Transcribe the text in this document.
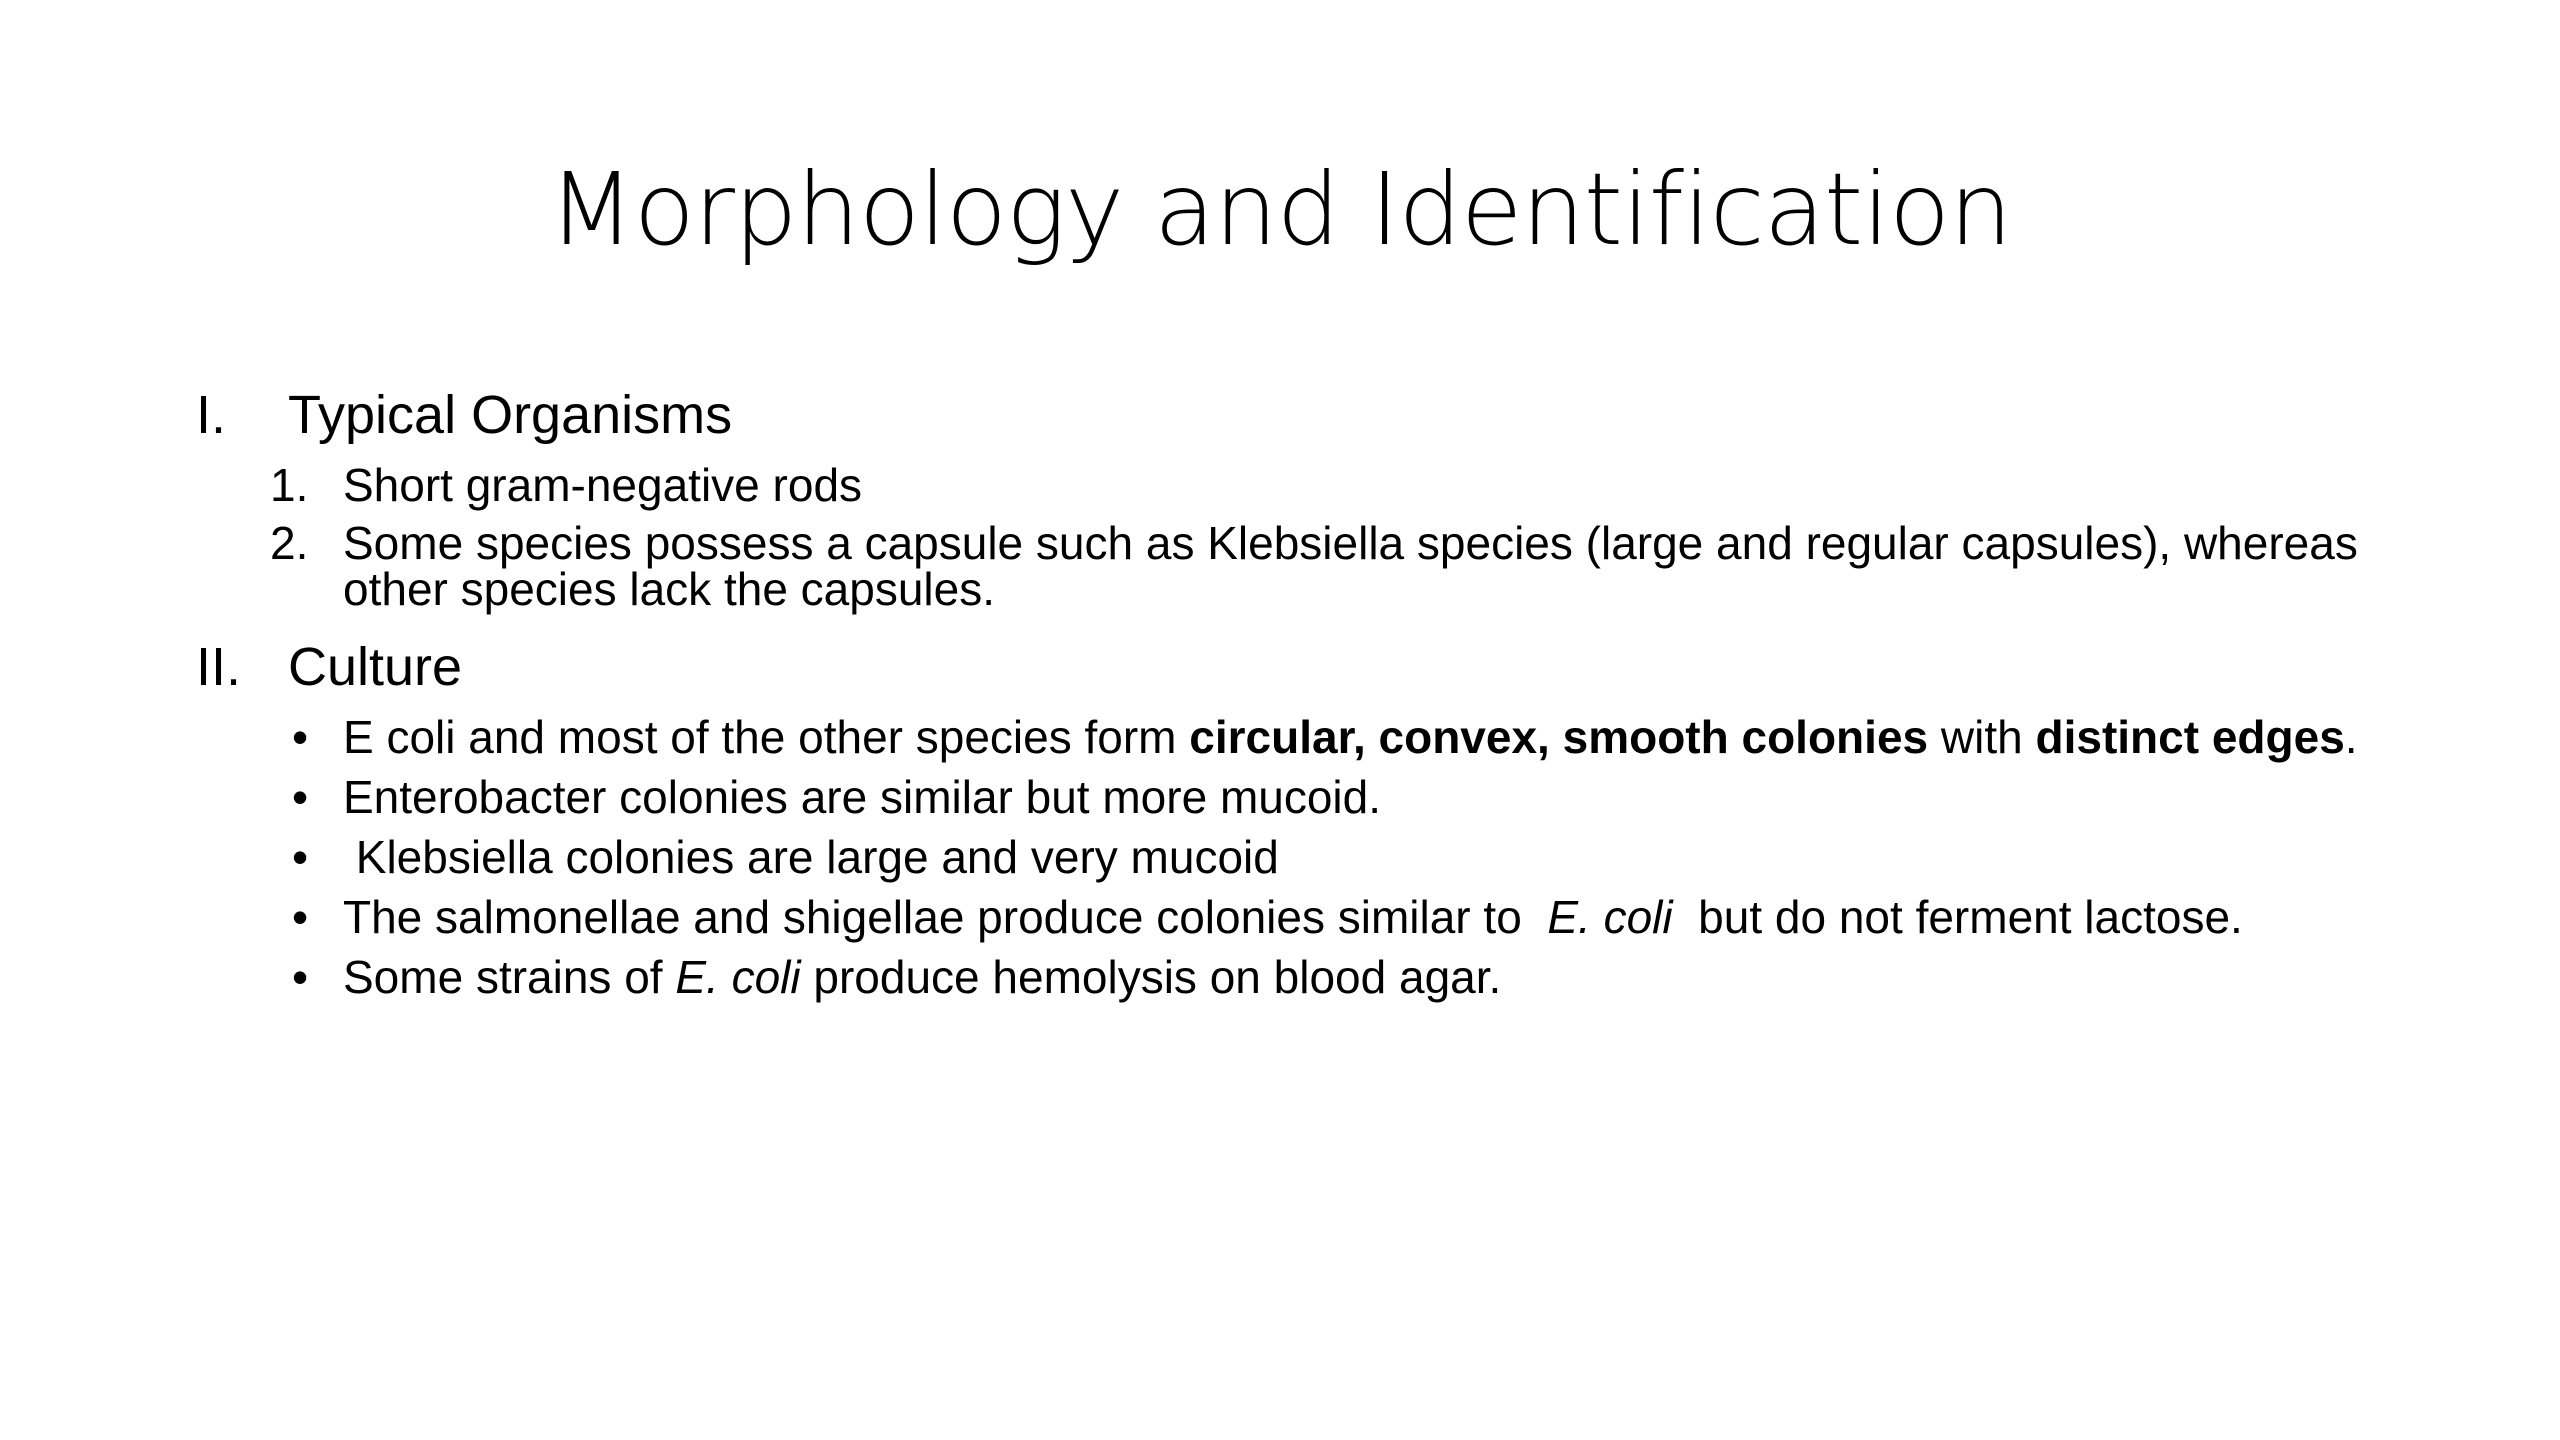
Morphology and Identification
I. Typical Organisms
1. Short gram-negative rods
2. Some species possess a capsule such as Klebsiella species (large and regular capsules), whereas other species lack the capsules.
II. Culture
• E coli and most of the other species form circular, convex, smooth colonies with distinct edges.
• Enterobacter colonies are similar but more mucoid.
• Klebsiella colonies are large and very mucoid
• The salmonellae and shigellae produce colonies similar to  E. coli  but do not ferment lactose.
• Some strains of E. coli produce hemolysis on blood agar.
